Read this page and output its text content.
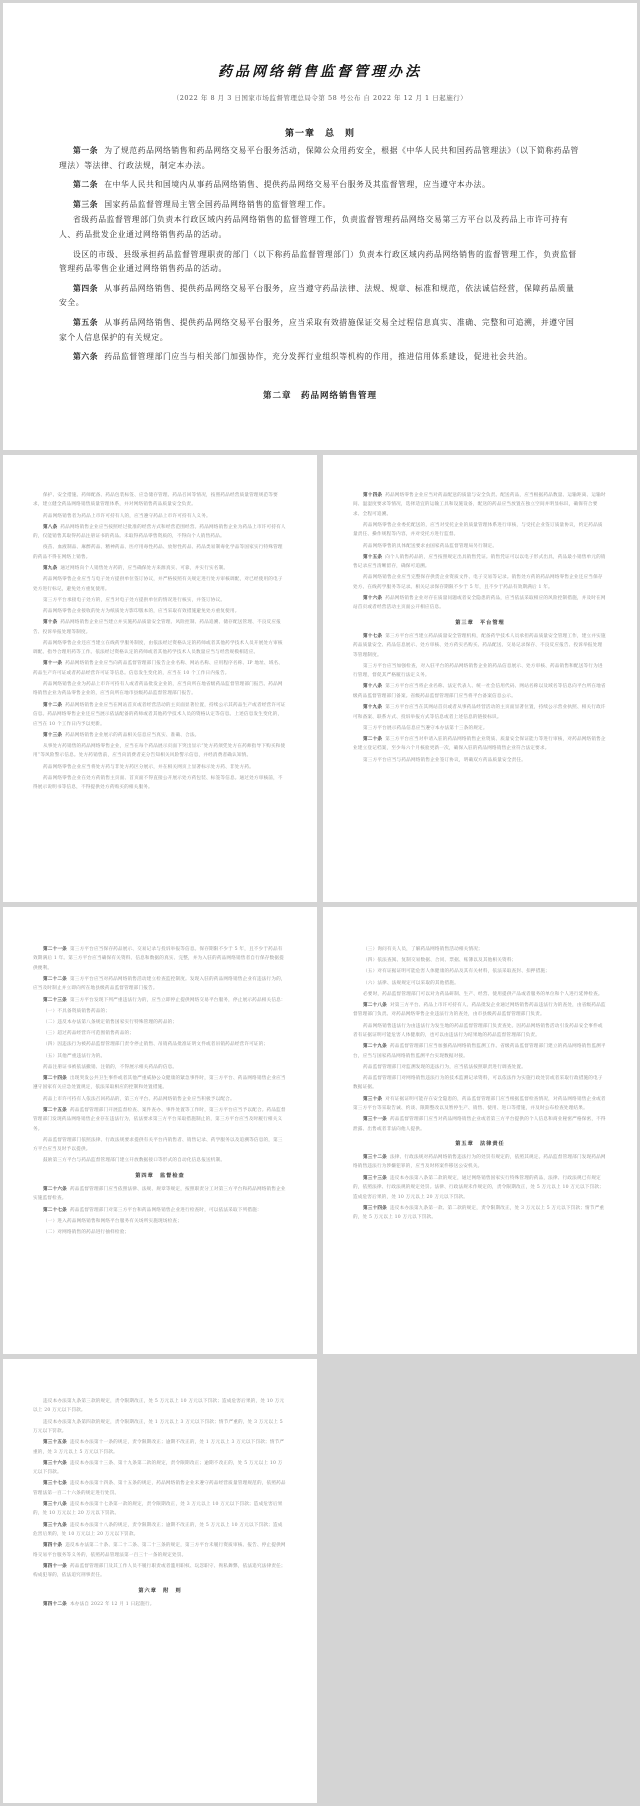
药品网络销售监督管理办法
（2022 年 8 月 3 日国家市场监督管理总局令第 58 号公布 自 2022 年 12 月 1 日起施行）
第一章　总　则

第一条 为了规范药品网络销售和药品网络交易平台服务活动，保障公众用药安全，根据《中华人民共和国药品管理法》（以下简称药品管理法）等法律、行政法规，制定本办法。

第二条 在中华人民共和国境内从事药品网络销售、提供药品网络交易平台服务及其监督管理，应当遵守本办法。

第三条 国家药品监督管理局主管全国药品网络销售的监督管理工作。

省级药品监督管理部门负责本行政区域内药品网络销售的监督管理工作，负责监督管理药品网络交易第三方平台以及药品上市许可持有人、药品批发企业通过网络销售药品的活动。

设区的市级、县级承担药品监督管理职责的部门（以下称药品监督管理部门）负责本行政区域内药品网络销售的监督管理工作，负责监督管理药品零售企业通过网络销售药品的活动。

第四条 从事药品网络销售、提供药品网络交易平台服务，应当遵守药品法律、法规、规章、标准和规范，依法诚信经营，保障药品质量安全。

第五条 从事药品网络销售、提供药品网络交易平台服务，应当采取有效措施保证交易全过程信息真实、准确、完整和可追溯，并遵守国家个人信息保护的有关规定。

第六条 药品监督管理部门应当与相关部门加强协作，充分发挥行业组织等机构的作用，推进信用体系建设，促进社会共治。

第二章　药品网络销售管理

保护、安全措施、药师配备、药品包装标签、应急储存管理、药品召回等情况，按照药品经营质量管理规范等要求，建立健全药品网络销售质量管理体系，并对网络销售药品质量安全负责。

药品网络销售者为药品上市许可持有人的，应当遵守药品上市许可持有人义务。

第八条 药品网络销售企业应当按照经过批准的经营方式和经营范围经营。药品网络销售企业为药品上市许可持有人的，仅能销售其取得药品注册证书的药品。未取得药品零售资质的，不得向个人销售药品。

疫苗、血液制品、麻醉药品、精神药品、医疗用毒性药品、放射性药品、药品类易制毒化学品等国家实行特殊管理的药品不得在网络上销售。

第九条 通过网络向个人销售处方药的，应当确保处方来源真实、可靠，并实行实名制。

药品网络零售企业应当与电子处方提供单位签订协议，并严格按照有关规定进行处方审核调配，对已经使用的电子处方进行标记，避免处方重复使用。

第三方平台承接电子处方的，应当对电子处方提供单位的情况进行核实，并签订协议。

药品网络零售企业接收的处方为纸质处方影印版本的，应当采取有效措施避免处方重复使用。

第十条 药品网络销售企业应当建立并实施药品质量安全管理、风险控制、药品追溯、储存配送管理、不良反应报告、投诉举报处理等制度。

药品网络零售企业还应当建立在线药学服务制度，由依法经过资格认定的药师或者其他药学技术人员开展处方审核调配、指导合理用药等工作。依法经过资格认定的药师或者其他药学技术人员数量应当与经营规模相适应。

第十一条 药品网络销售企业应当向药品监督管理部门报告企业名称、网站名称、应用程序名称、IP 地址、域名、药品生产许可证或者药品经营许可证等信息。信息发生变化的，应当在 10 个工作日内报告。

药品网络销售企业为药品上市许可持有人或者药品批发企业的，应当向所在地省级药品监督管理部门报告。药品网络销售企业为药品零售企业的，应当向所在地市县级药品监督管理部门报告。

第十二条 药品网络销售企业应当在网站首页或者经营活动的主页面显著位置，持续公示其药品生产或者经营许可证信息。药品网络零售企业还应当展示依法配备的药师或者其他药学技术人员的资格认定等信息。上述信息发生变化的，应当在 10 个工作日内予以更新。

第十三条 药品网络销售企业展示的药品相关信息应当真实、准确、合法。

从事处方药销售的药品网络零售企业，应当在每个药品展示页面下突出显示“处方药须凭处方在药师指导下购买和使用”等风险警示信息。处方药销售前，应当向消费者充分告知相关风险警示信息，并经消费者确认知情。

药品网络零售企业应当将处方药与非处方药区分展示，并在相关网页上显著标示处方药、非处方药。

药品网络零售企业在处方药销售主页面、首页面不得直接公开展示处方药包装、标签等信息。通过处方审核前，不得展示说明书等信息，不得提供处方药购买的相关服务。

第十四条 药品网络零售企业应当对药品配送的质量与安全负责。配送药品，应当根据药品数量、运输距离、运输时间、温湿度要求等情况，选择适宜的运输工具和设施设备，配送的药品应当放置在独立空间并明显标识，确保符合要求、全程可追溯。

药品网络零售企业委托配送的，应当对受托企业的质量管理体系进行审核，与受托企业签订质量协议，约定药品质量责任、操作规程等内容，并对受托方进行监督。

药品网络零售的具体配送要求由国家药品监督管理局另行制定。

第十五条 向个人销售药品的，应当按照规定出具销售凭证。销售凭证可以以电子形式出具，药品最小销售单元的销售记录应当清晰留存，确保可追溯。

药品网络销售企业应当完整保存供货企业资质文件、电子交易等记录。销售处方药的药品网络零售企业还应当保存处方、在线药学服务等记录。相关记录保存期限不少于 5 年，且不少于药品有效期满后 1 年。

第十六条 药品网络销售企业对存在质量问题或者安全隐患的药品，应当依法采取相应的风险控制措施，并及时在网站首页或者经营活动主页面公开相应信息。

第三章　平台管理

第十七条 第三方平台应当建立药品质量安全管理机构，配备药学技术人员承担药品质量安全管理工作，建立并实施药品质量安全、药品信息展示、处方审核、处方药实名购买、药品配送、交易记录保存、不良反应报告、投诉举报处理等管理制度。

第三方平台应当加强检查，对入驻平台的药品网络销售企业的药品信息展示、处方审核、药品销售和配送等行为进行管理，督促其严格履行法定义务。

第十八条 第三方平台应当将企业名称、法定代表人、统一社会信用代码、网站名称以及域名等信息向平台所在地省级药品监督管理部门备案。省级药品监督管理部门应当将平台备案信息公示。

第十九条 第三方平台应当在其网站首页或者从事药品经营活动的主页面显著位置，持续公示营业执照、相关行政许可和备案、联系方式、投诉举报方式等信息或者上述信息的链接标识。

第三方平台展示药品信息应当遵守本办法第十三条的规定。

第二十条 第三方平台应当对申请入驻的药品网络销售企业资质、质量安全保证能力等进行审核，对药品网络销售企业建立登记档案，至少每六个月核验更新一次，确保入驻的药品网络销售企业符合法定要求。

第三方平台应当与药品网络销售企业签订协议，明确双方药品质量安全责任。

第二十一条 第三方平台应当保存药品展示、交易记录与投诉举报等信息。保存期限不少于 5 年，且不少于药品有效期满后 1 年。第三方平台应当确保有关资料、信息和数据的真实、完整，并为入驻的药品网络销售者自行保存数据提供便利。

第二十二条 第三方平台应当对药品网络销售活动建立检查监控制度。发现入驻的药品网络销售企业有违法行为的，应当及时制止并立即向所在地县级药品监督管理部门报告。

第二十三条 第三方平台发现下列严重违法行为的，应当立即停止提供网络交易平台服务，停止展示药品相关信息：

（一）不具备资质销售药品的；

（二）违反本办法第八条规定销售国家实行特殊管理的药品的；

（三）超过药品经营许可范围销售药品的；

（四）因违法行为被药品监督管理部门责令停止销售、吊销药品批准证明文件或者吊销药品经营许可证的；

（五）其他严重违法行为的。

药品注册证书被依法撤销、注销的，不得展示相关药品的信息。

第二十四条 出现突发公共卫生事件或者其他严重威胁公众健康的紧急事件时，第三方平台、药品网络销售企业应当遵守国家有关应急处置规定，依法采取相应的控制和处置措施。

药品上市许可持有人依法召回药品的，第三方平台、药品网络销售企业应当积极予以配合。

第二十五条 药品监督管理部门开展监督检查、案件查办、事件处置等工作时，第三方平台应当予以配合。药品监督管理部门发现药品网络销售企业存在违法行为，依法要求第三方平台采取措施制止的，第三方平台应当及时履行相关义务。

药品监督管理部门依照法律、行政法规要求提供有关平台内销售者、销售记录、药学服务以及追溯等信息的，第三方平台应当及时予以提供。

鼓励第三方平台与药品监督管理部门建立开放数据接口等形式的自动化信息报送机制。

第四章　监督检查

第二十六条 药品监督管理部门应当依照法律、法规、规章等规定，按照职责分工对第三方平台和药品网络销售企业实施监督检查。

第二十七条 药品监督管理部门对第三方平台和药品网络销售企业进行检查时，可以依法采取下列措施：

（一）进入药品网络销售和网络平台服务有关场所实施现场检查；

（二）对网络销售的药品进行抽样检验；

（三）询问有关人员，了解药品网络销售活动相关情况；

（四）依法查阅、复制交易数据、合同、票据、账簿以及其他相关资料；

（五）对有证据证明可能危害人体健康的药品及其有关材料，依法采取查封、扣押措施；

（六）法律、法规规定可以采取的其他措施。

必要时，药品监督管理部门可以对为药品研制、生产、经营、使用提供产品或者服务的单位和个人进行延伸检查。

第二十八条 对第三方平台、药品上市许可持有人、药品批发企业通过网络销售药品违法行为的查处，由省级药品监督管理部门负责。对药品网络零售企业违法行为的查处，由市县级药品监督管理部门负责。

药品网络销售违法行为由违法行为发生地的药品监督管理部门负责查处。因药品网络销售活动引发药品安全事件或者有证据证明可能危害人体健康的，也可以由违法行为结果地的药品监督管理部门负责。

第二十九条 药品监督管理部门应当加强药品网络销售监测工作。省级药品监督管理部门建立的药品网络销售监测平台，应当与国家药品网络销售监测平台实现数据对接。

药品监督管理部门对监测发现的违法行为，应当依法按照职责进行调查处置。

药品监督管理部门对网络销售违法行为的技术监测记录资料，可以依法作为实施行政处罚或者采取行政措施的电子数据证据。

第三十条 对有证据证明可能存在安全隐患的，药品监督管理部门应当根据监督检查情况，对药品网络销售企业或者第三方平台等采取告诫、约谈、限期整改以及暂停生产、销售、使用、进口等措施，并及时公布检查处理结果。

第三十一条 药品监督管理部门应当对药品网络销售企业或者第三方平台提供的个人信息和商业秘密严格保密，不得泄露、出售或者非法向他人提供。

第五章　法律责任

第三十二条 法律、行政法规对药品网络销售违法行为的处罚有规定的，依照其规定。药品监督管理部门发现药品网络销售违法行为涉嫌犯罪的，应当及时将案件移送公安机关。

第三十三条 违反本办法第八条第二款的规定，通过网络销售国家实行特殊管理的药品，法律、行政法规已有规定的，依照法律、行政法规的规定处罚。法律、行政法规未作规定的，责令限期改正，处 5 万元以上 10 万元以下罚款；造成危害后果的，处 10 万元以上 20 万元以下罚款。

第三十四条 违反本办法第九条第一款、第二款的规定，责令限期改正，处 3 万元以上 5 万元以下罚款；情节严重的，处 5 万元以上 10 万元以下罚款。

违反本办法第九条第三款的规定，责令限期改正，处 5 万元以上 10 万元以下罚款；造成危害后果的，处 10 万元以上 20 万元以下罚款。

违反本办法第九条第四款的规定，责令限期改正，处 1 万元以上 3 万元以下罚款；情节严重的，处 3 万元以上 5 万元以下罚款。

第三十五条 违反本办法第十一条的规定，责令限期改正；逾期不改正的，处 1 万元以上 3 万元以下罚款；情节严重的，处 3 万元以上 5 万元以下罚款。

第三十六条 违反本办法第十三条、第十九条第二款的规定，责令限期改正；逾期不改正的，处 5 万元以上 10 万元以下罚款。

第三十七条 违反本办法第十四条、第十五条的规定，药品网络销售企业未遵守药品经营质量管理规范的，依照药品管理法第一百二十六条的规定进行处罚。

第三十八条 违反本办法第十七条第一款的规定，责令限期改正，处 3 万元以上 10 万元以下罚款；造成危害后果的，处 10 万元以上 20 万元以下罚款。

第三十九条 违反本办法第十八条的规定，责令限期改正；逾期不改正的，处 5 万元以上 10 万元以下罚款；造成危害后果的，处 10 万元以上 20 万元以下罚款。

第四十条 违反本办法第二十条、第二十二条、第二十三条的规定，第三方平台未履行资质审核、报告、停止提供网络交易平台服务等义务的，依照药品管理法第一百三十一条的规定处罚。

第四十一条 药品监督管理部门及其工作人员不履行职责或者滥用职权、玩忽职守、徇私舞弊，依法追究法律责任；构成犯罪的，依法追究刑事责任。

第六章　附　则

第四十二条 本办法自 2022 年 12 月 1 日起施行。
